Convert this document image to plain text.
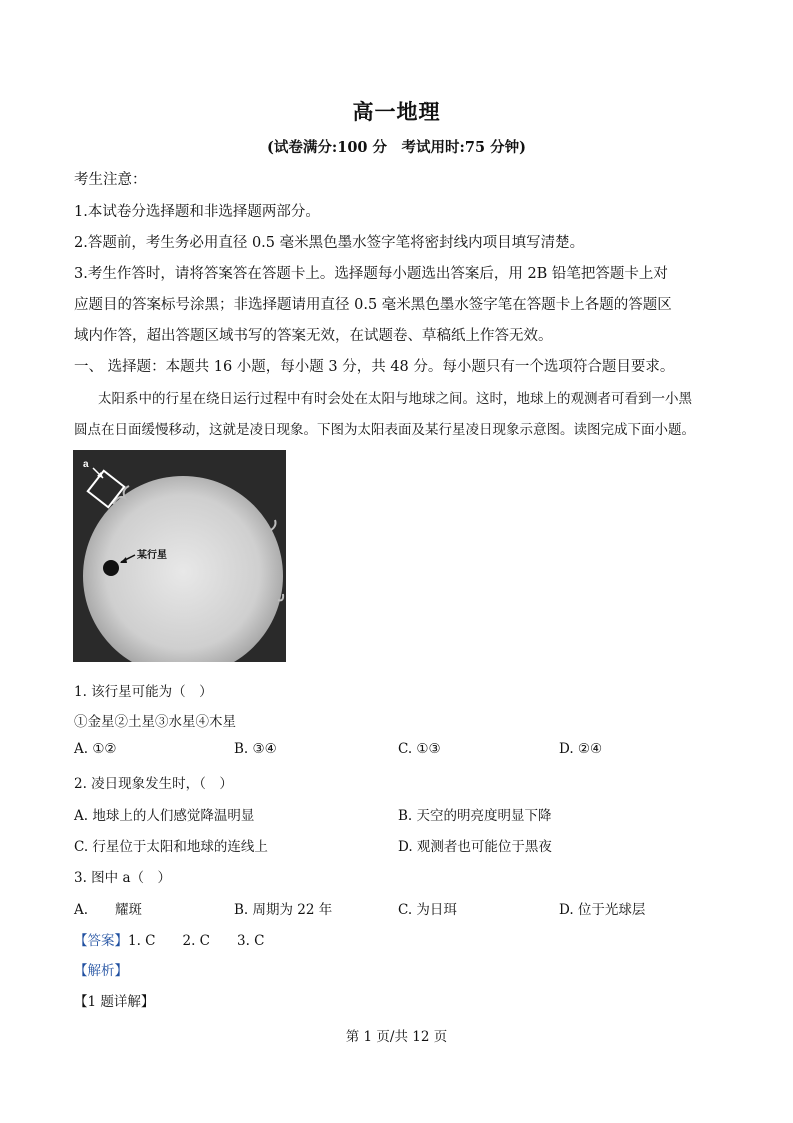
高一地理
(试卷满分:100 分　考试用时:75 分钟)
考生注意：
1.本试卷分选择题和非选择题两部分。
2.答题前，考生务必用直径 0.5 毫米黑色墨水签字笔将密封线内项目填写清楚。
3.考生作答时，请将答案答在答题卡上。选择题每小题选出答案后，用 2B 铅笔把答题卡上对
应题目的答案标号涂黑；非选择题请用直径 0.5 毫米黑色墨水签字笔在答题卡上各题的答题区
域内作答，超出答题区域书写的答案无效，在试题卷、草稿纸上作答无效。
一、 选择题：本题共 16 小题，每小题 3 分，共 48 分。每小题只有一个选项符合题目要求。
太阳系中的行星在绕日运行过程中有时会处在太阳与地球之间。这时，地球上的观测者可看到一小黑
圆点在日面缓慢移动，这就是凌日现象。下图为太阳表面及某行星凌日现象示意图。读图完成下面小题。
a
某行星
1. 该行星可能为（　）
①金星②土星③水星④木星
A. ①②	B. ③④	C. ①③	D. ②④
2. 凌日现象发生时，（　）
A. 地球上的人们感觉降温明显	B. 天空的明亮度明显下降
C. 行星位于太阳和地球的连线上	D. 观测者也可能位于黑夜
3. 图中 a（　）
A.　　耀斑	B. 周期为 22 年	C. 为日珥	D. 位于光球层
【答案】1. C　　2. C　　3. C
【解析】
【1 题详解】
第 1 页/共 12 页
